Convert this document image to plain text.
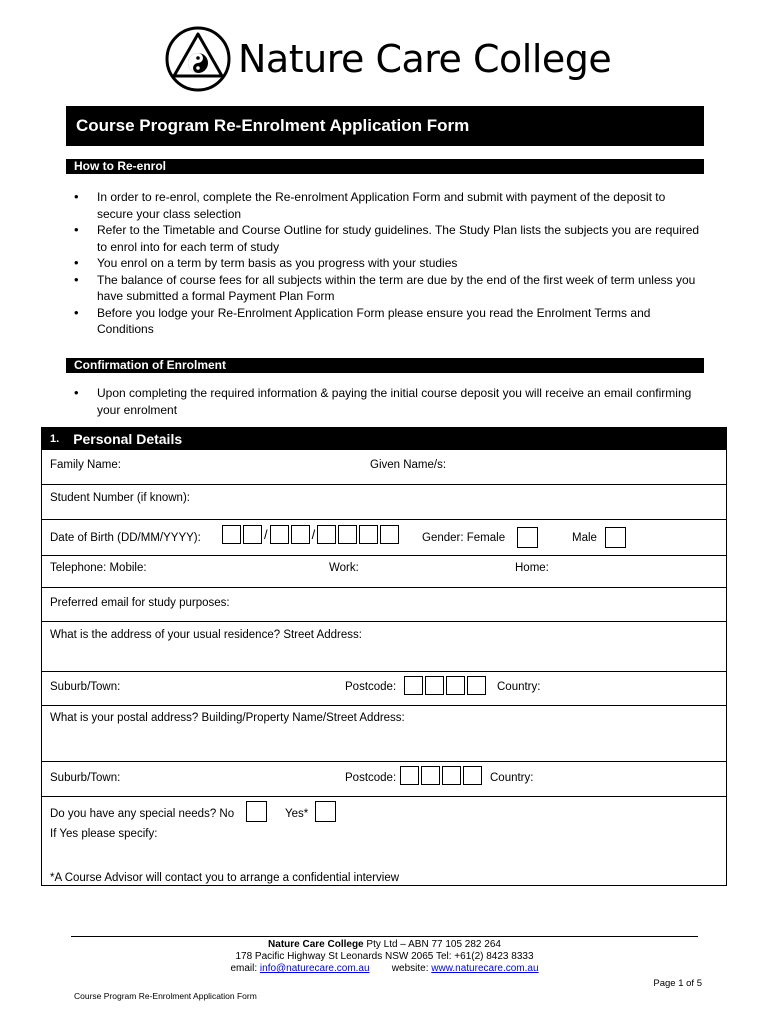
Nature Care College
Course Program Re-Enrolment Application Form
How to Re-enrol
• In order to re-enrol, complete the Re-enrolment Application Form and submit with payment of the deposit to secure your class selection
• Refer to the Timetable and Course Outline for study guidelines. The Study Plan lists the subjects you are required to enrol into for each term of study
• You enrol on a term by term basis as you progress with your studies
• The balance of course fees for all subjects within the term are due by the end of the first week of term unless you have submitted a formal Payment Plan Form
• Before you lodge your Re-Enrolment Application Form please ensure you read the Enrolment Terms and Conditions
Confirmation of Enrolment
• Upon completing the required information & paying the initial course deposit you will receive an email confirming your enrolment
1. Personal Details
Family Name:	Given Name/s:
Student Number (if known):
Date of Birth (DD/MM/YYYY):	/	/	Gender: Female	Male
Telephone: Mobile:	Work:	Home:
Preferred email for study purposes:
What is the address of your usual residence? Street Address:
Suburb/Town:	Postcode:	Country:
What is your postal address? Building/Property Name/Street Address:
Suburb/Town:	Postcode:	Country:
Do you have any special needs? No	Yes*
If Yes please specify:
*A Course Advisor will contact you to arrange a confidential interview
Nature Care College Pty Ltd – ABN 77 105 282 264
178 Pacific Highway St Leonards NSW 2065 Tel: +61(2) 8423 8333
email: info@naturecare.com.au website: www.naturecare.com.au
Page 1 of 5
Course Program Re-Enrolment Application Form
